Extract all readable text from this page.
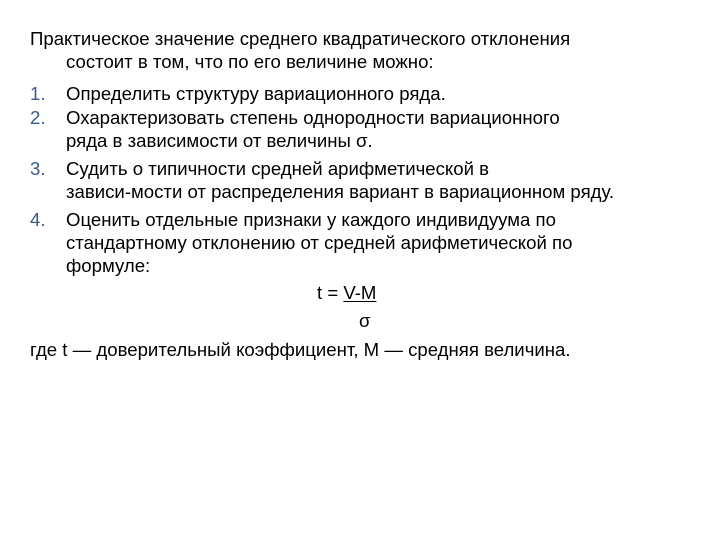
Практическое значение среднего квадратического отклонения
состоит в том, что по его величине можно:
1. Определить структуру вариационного ряда.
2. Охарактеризовать степень однородности вариационного
ряда в зависимости от величины σ.
3. Судить о типичности средней арифметической в
зависи-мости от распределения вариант в вариационном ряду.
4. Оценить отдельные признаки у каждого индивидуума по
стандартному отклонению от средней арифметической по
формуле:
t = V-M
σ
где t — доверительный коэффициент, M — средняя величина.
